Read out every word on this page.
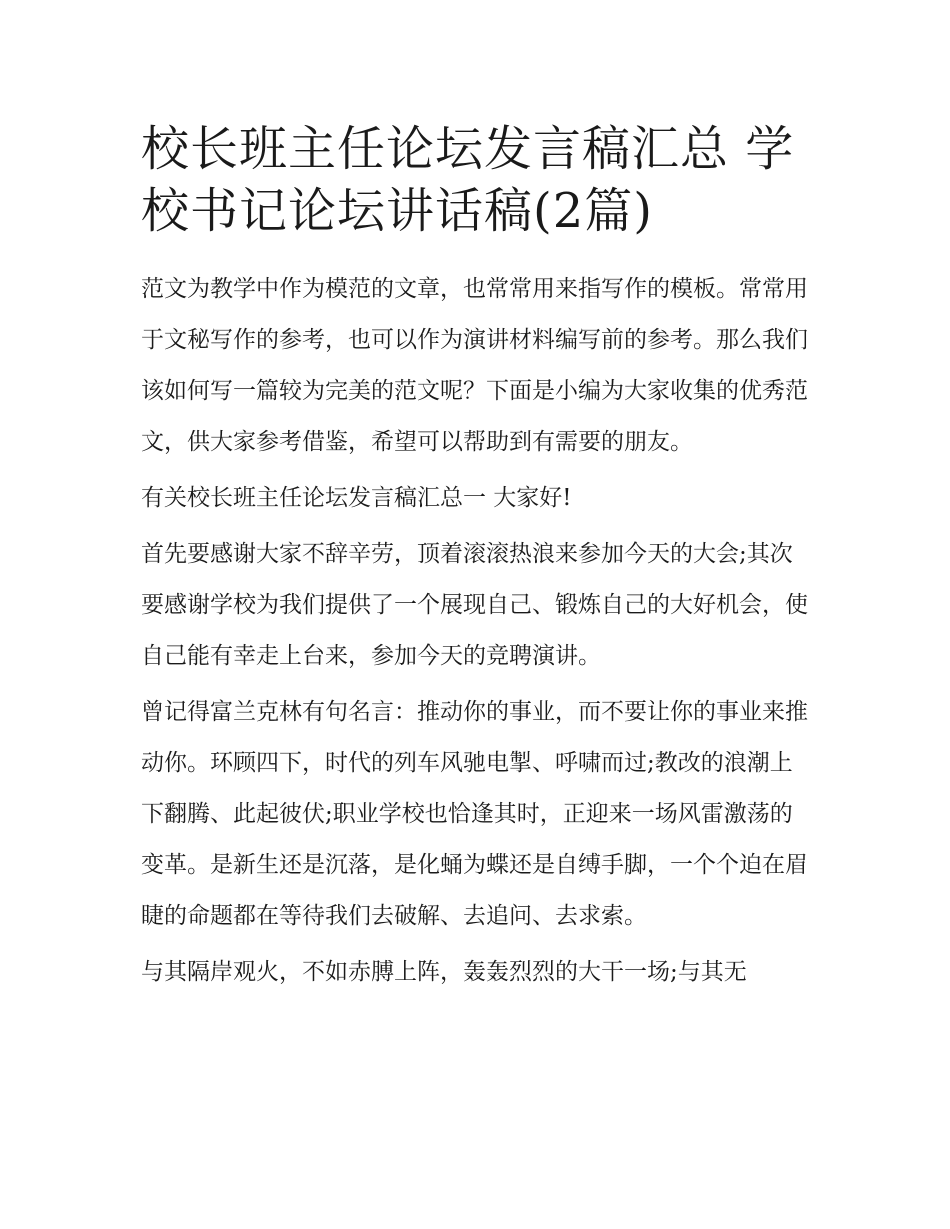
校长班主任论坛发言稿汇总 学校书记论坛讲话稿(2篇)

范文为教学中作为模范的文章，也常常用来指写作的模板。常常用于文秘写作的参考，也可以作为演讲材料编写前的参考。那么我们该如何写一篇较为完美的范文呢？下面是小编为大家收集的优秀范文，供大家参考借鉴，希望可以帮助到有需要的朋友。

有关校长班主任论坛发言稿汇总一 大家好!

首先要感谢大家不辞辛劳，顶着滚滚热浪来参加今天的大会;其次要感谢学校为我们提供了一个展现自己、锻炼自己的大好机会，使自己能有幸走上台来，参加今天的竞聘演讲。

曾记得富兰克林有句名言：推动你的事业，而不要让你的事业来推动你。环顾四下，时代的列车风驰电掣、呼啸而过;教改的浪潮上下翻腾、此起彼伏;职业学校也恰逢其时，正迎来一场风雷激荡的变革。是新生还是沉落，是化蛹为蝶还是自缚手脚，一个个迫在眉睫的命题都在等待我们去破解、去追问、去求索。

与其隔岸观火，不如赤膊上阵，轰轰烈烈的大干一场;与其无
